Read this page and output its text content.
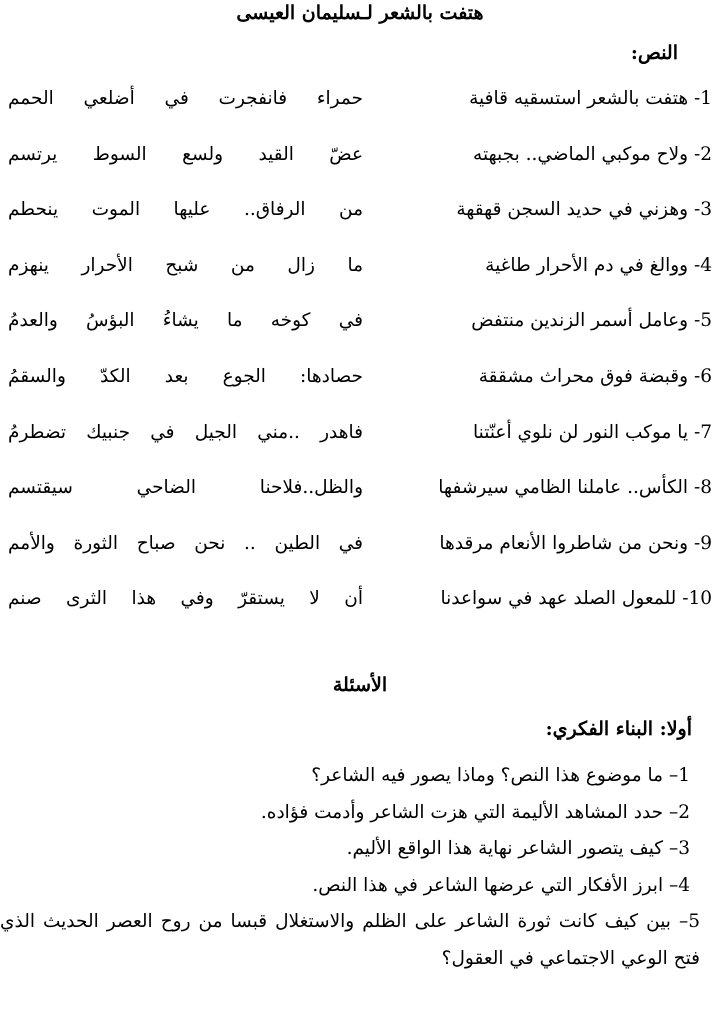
هتفت بالشعر لـسليمان العيسى
النص:
1- هتفت بالشعر استسقيه قافية
حمراء فانفجرت في أضلعي الحمم
2- ولاح موكبي الماضي.. بجبهته
عضّ القيد ولسع السوط يرتسم
3- وهزني في حديد السجن قهقهة
من الرفاق.. عليها الموت ينحطم
4- ووالغ في دم الأحرار طاغية
ما زال من شبح الأحرار ينهزم
5- وعامل أسمر الزندين منتفض
في كوخه ما يشاءُ البؤسُ والعدمُ
6- وقبضة فوق محراث مشققة
حصادها: الجوع بعد الكدّ والسقمُ
7- يا موكب النور لن نلوي أعنّتنا
فاهدر ..مني الجيل في جنبيك تضطرمُ
8- الكأس.. عاملنا الظامي سيرشفها
والظل..فلاحنا الضاحي سيقتسم
9- ونحن من شاطروا الأنعام مرقدها
في الطين .. نحن صباح الثورة والأمم
10- للمعول الصلد عهد في سواعدنا
أن لا يستقرّ وفي هذا الثرى صنم
الأسئلة
أولا: البناء الفكري:
1– ما موضوع هذا النص؟ وماذا يصور فيه الشاعر؟
2– حدد المشاهد الأليمة التي هزت الشاعر وأدمت فؤاده.
3– كيف يتصور الشاعر نهاية هذا الواقع الأليم.
4– ابرز الأفكار التي عرضها الشاعر في هذا النص.
5– بين كيف كانت ثورة الشاعر على الظلم والاستغلال قبسا من روح العصر الحديث الذي فتح الوعي الاجتماعي في العقول؟
